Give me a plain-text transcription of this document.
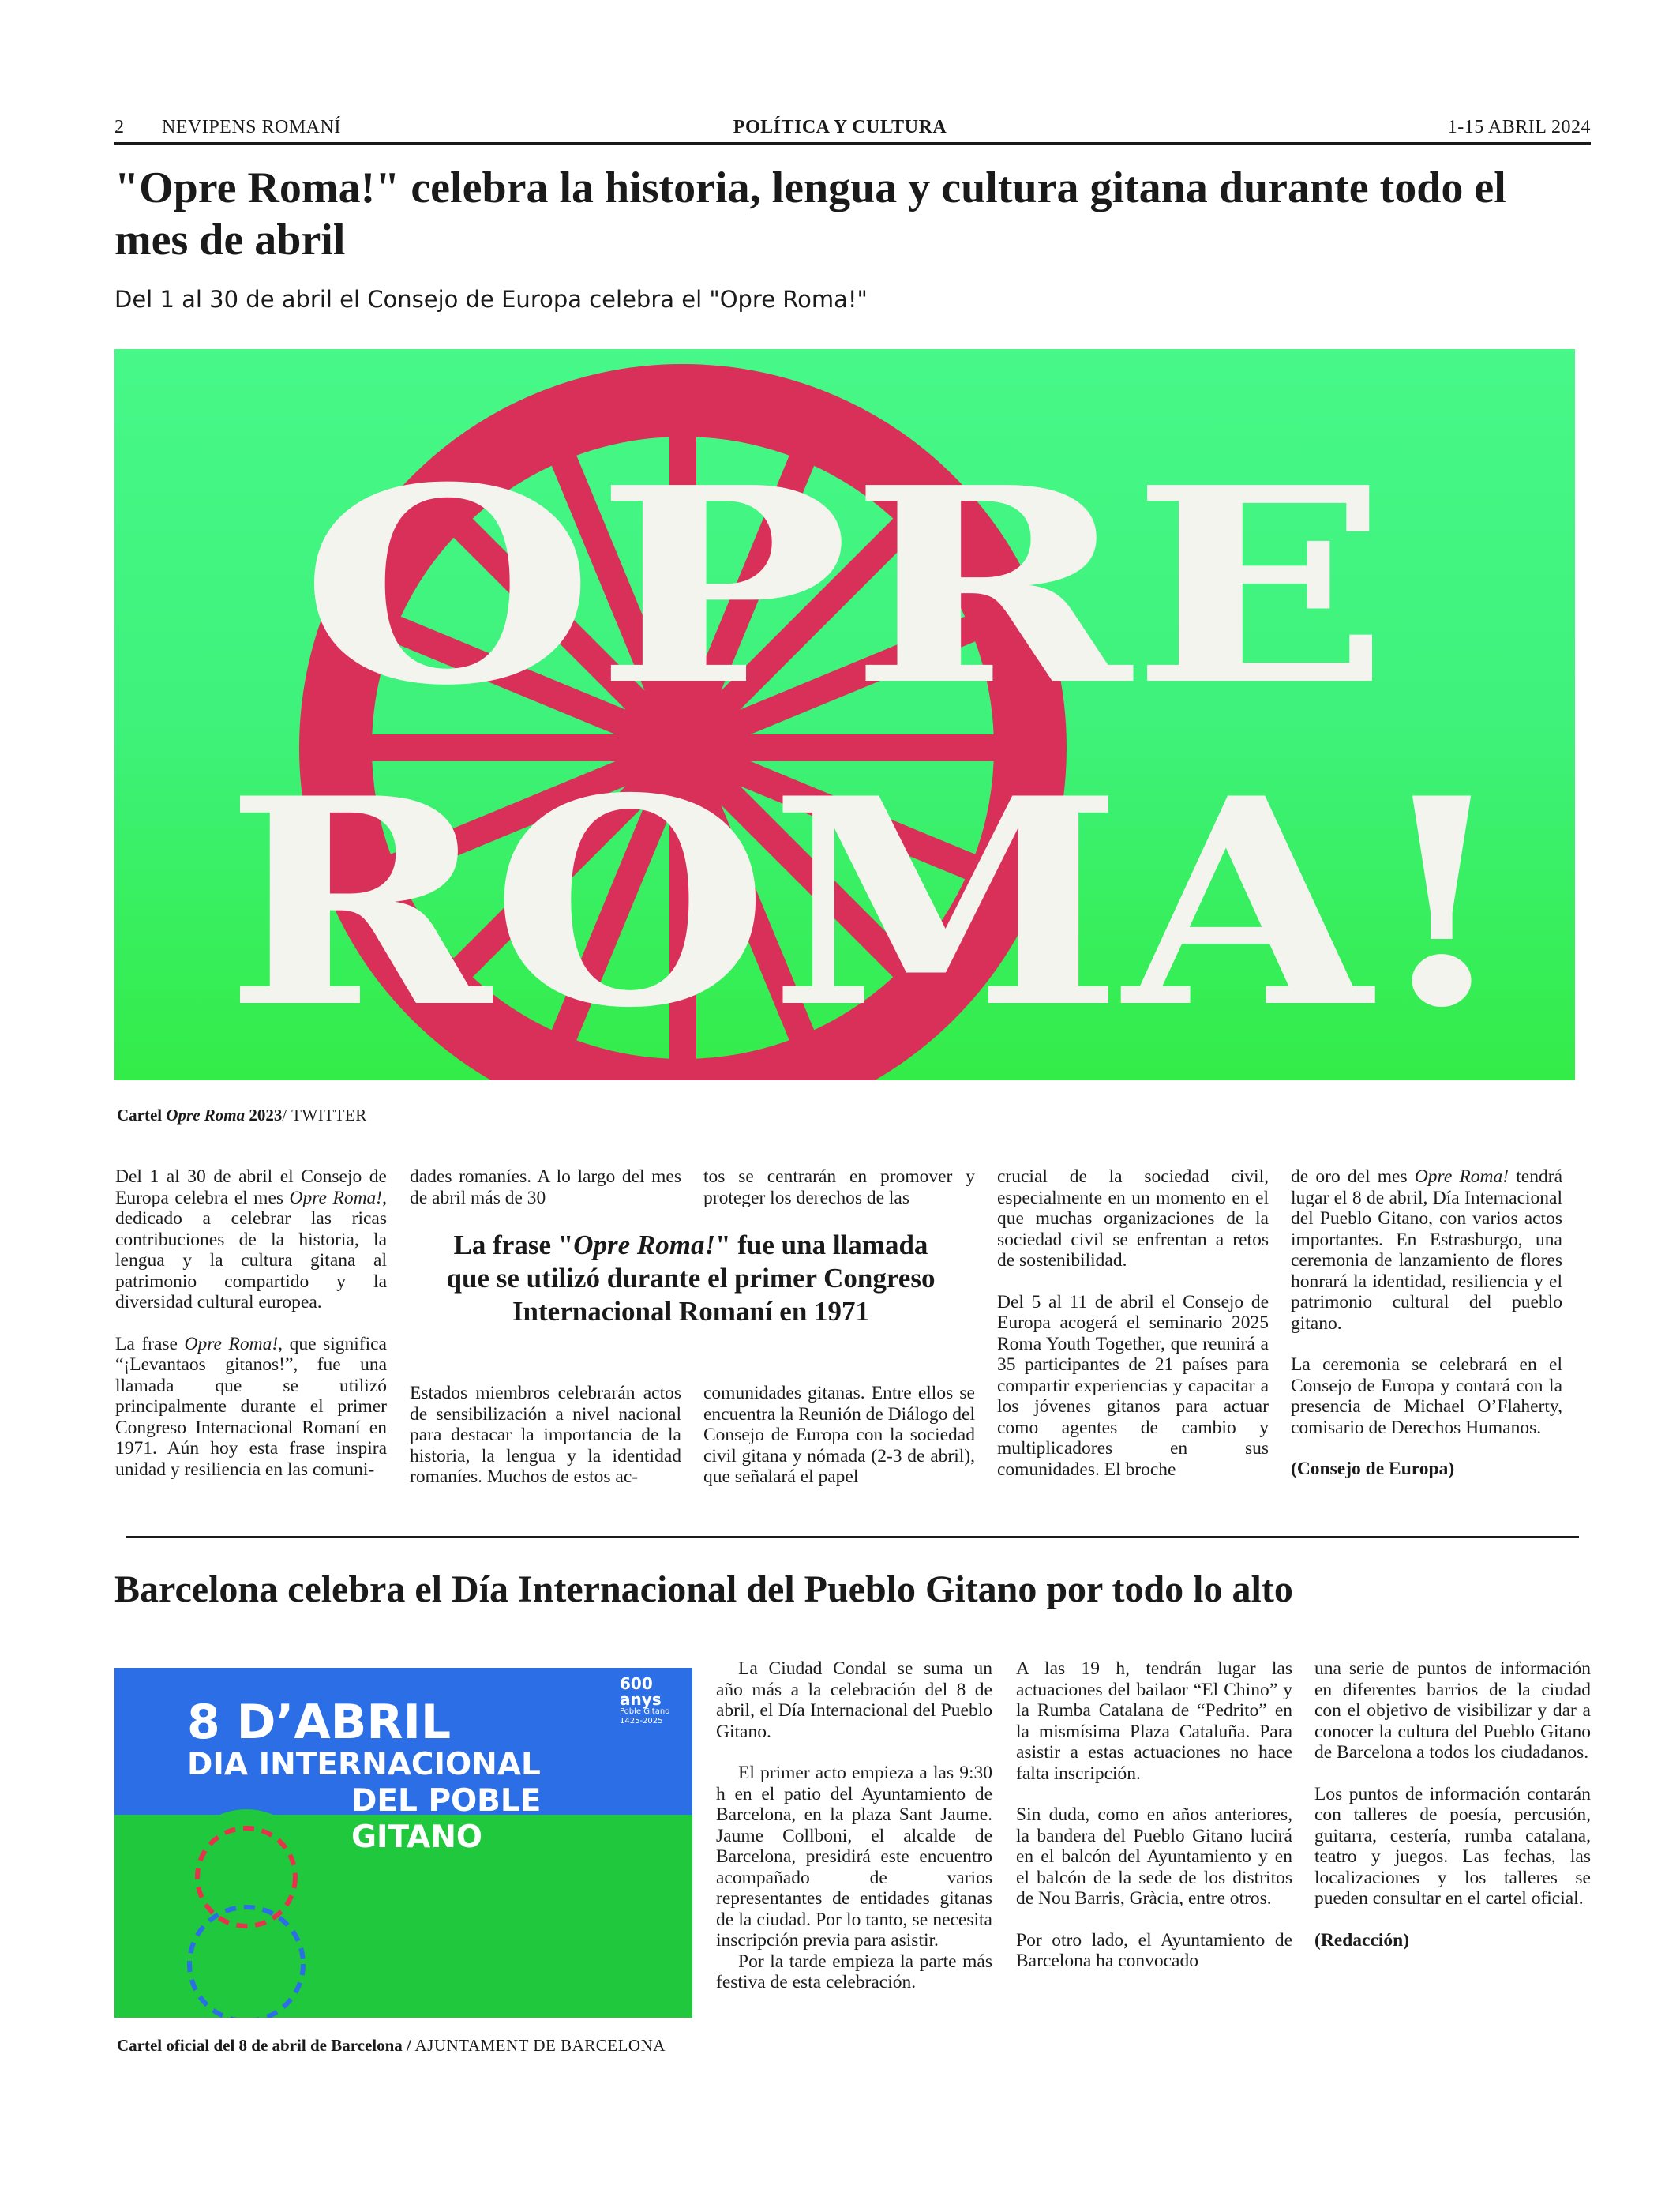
2 NEVIPENS ROMANÍ	POLÍTICA Y CULTURA	1-15 ABRIL 2024
"Opre Roma!" celebra la historia, lengua y cultura gitana durante todo el mes de abril
Del 1 al 30 de abril el Consejo de Europa celebra el "Opre Roma!"
OPRE
ROMA!
Cartel Opre Roma 2023/ TWITTER

Del 1 al 30 de abril el Consejo de Europa celebra el mes Opre Roma!, dedicado a celebrar las ricas contribuciones de la historia, la lengua y la cultura gitana al patrimonio compartido y la diversidad cultural europea.

La frase Opre Roma!, que significa “¡Levantaos gitanos!”, fue una llamada que se utilizó principalmente durante el primer Congreso Internacional Romaní en 1971. Aún hoy esta frase inspira unidad y resiliencia en las comuni-

dades romaníes. A lo largo del mes de abril más de 30
tos se centrarán en promover y proteger los derechos de las
La frase "Opre Roma!" fue una llamada que se utilizó durante el primer Congreso Internacional Romaní en 1971
Estados miembros celebrarán actos de sensibilización a nivel nacional para destacar la importancia de la historia, la lengua y la identidad romaníes. Muchos de estos ac-
comunidades gitanas. Entre ellos se encuentra la Reunión de Diálogo del Consejo de Europa con la sociedad civil gitana y nómada (2-3 de abril), que señalará el papel

crucial de la sociedad civil, especialmente en un momento en el que muchas organizaciones de la sociedad civil se enfrentan a retos de sostenibilidad.

Del 5 al 11 de abril el Consejo de Europa acogerá el seminario 2025 Roma Youth Together, que reunirá a 35 participantes de 21 países para compartir experiencias y capacitar a los jóvenes gitanos para actuar como agentes de cambio y multiplicadores en sus comunidades. El broche

de oro del mes Opre Roma! tendrá lugar el 8 de abril, Día Internacional del Pueblo Gitano, con varios actos importantes. En Estrasburgo, una ceremonia de lanzamiento de flores honrará la identidad, resiliencia y el patrimonio cultural del pueblo gitano.

La ceremonia se celebrará en el Consejo de Europa y contará con la presencia de Michael O’Flaherty, comisario de Derechos Humanos.

(Consejo de Europa)

Barcelona celebra el Día Internacional del Pueblo Gitano por todo lo alto
8 D’ABRIL
DIA INTERNACIONAL
DEL POBLE
GITANO
600
anys
Poble Gitano
1425-2025
Cartel oficial del 8 de abril de Barcelona / AJUNTAMENT DE BARCELONA

La Ciudad Condal se suma un año más a la celebración del 8 de abril, el Día Internacional del Pueblo Gitano.

El primer acto empieza a las 9:30 h en el patio del Ayuntamiento de Barcelona, en la plaza Sant Jaume. Jaume Collboni, el alcalde de Barcelona, presidirá este encuentro acompañado de varios representantes de entidades gitanas de la ciudad. Por lo tanto, se necesita inscripción previa para asistir.

Por la tarde empieza la parte más festiva de esta celebración.

A las 19 h, tendrán lugar las actuaciones del bailaor “El Chino” y la Rumba Catalana de “Pedrito” en la mismísima Plaza Cataluña. Para asistir a estas actuaciones no hace falta inscripción.

Sin duda, como en años anteriores, la bandera del Pueblo Gitano lucirá en el balcón del Ayuntamiento y en el balcón de la sede de los distritos de Nou Barris, Gràcia, entre otros.

Por otro lado, el Ayuntamiento de Barcelona ha convocado

una serie de puntos de información en diferentes barrios de la ciudad con el objetivo de visibilizar y dar a conocer la cultura del Pueblo Gitano de Barcelona a todos los ciudadanos.

Los puntos de información contarán con talleres de poesía, percusión, guitarra, cestería, rumba catalana, teatro y juegos. Las fechas, las localizaciones y los talleres se pueden consultar en el cartel oficial.

(Redacción)
